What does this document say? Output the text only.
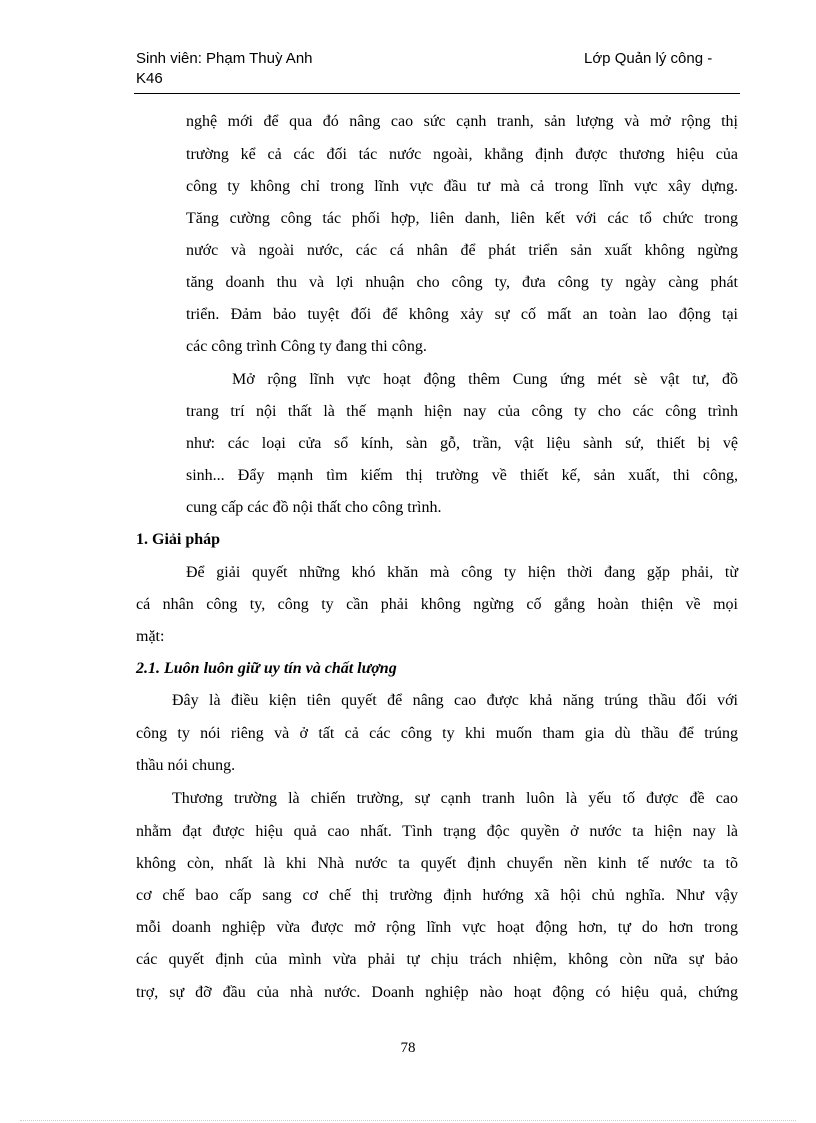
Sinh viên: Phạm Thuỳ Anh
K46
Lớp Quản lý công -
nghệ mới để qua đó nâng cao sức cạnh tranh, sản lượng và mở rộng thị
trường kể cả các đối tác nước ngoài, khẳng định được thương hiệu của
công ty không chỉ trong lĩnh vực đầu tư mà cả trong lĩnh vực xây dựng.
Tăng cường công tác phối hợp, liên danh, liên kết với các tổ chức trong
nước và ngoài nước, các cá nhân để phát triển sản xuất không ngừng
tăng doanh thu và lợi nhuận cho công ty, đưa công ty ngày càng phát
triển. Đảm bảo tuyệt đối để không xảy sự cố mất an toàn lao động tại
các công trình Công ty đang thi công.
Mở rộng lĩnh vực hoạt động thêm Cung ứng mét sè vật tư, đồ
trang trí nội thất là thế mạnh hiện nay của công ty cho các công trình
như: các loại cửa sổ kính, sàn gỗ, trần, vật liệu sành sứ, thiết bị vệ
sinh... Đẩy mạnh tìm kiếm thị trường về thiết kế, sản xuất, thi công,
cung cấp các đồ nội thất cho công trình.
1. Giải pháp
Để giải quyết những khó khăn mà công ty hiện thời đang gặp phải, từ
cá nhân công ty, công ty cần phải không ngừng cố gắng hoàn thiện về mọi
mặt:
2.1. Luôn luôn giữ uy tín và chất lượng
Đây là điều kiện tiên quyết để nâng cao được khả năng trúng thầu đối với
công ty nói riêng và ở tất cả các công ty khi muốn tham gia dù thầu để trúng
thầu nói chung.
Thương trường là chiến trường, sự cạnh tranh luôn là yếu tố được đề cao
nhằm đạt được hiệu quả cao nhất. Tình trạng độc quyền ở nước ta hiện nay là
không còn, nhất là khi Nhà nước ta quyết định chuyển nền kinh tế nước ta tõ
cơ chế bao cấp sang cơ chế thị trường định hướng xã hội chủ nghĩa. Như vậy
mỗi doanh nghiệp vừa được mở rộng lĩnh vực hoạt động hơn, tự do hơn trong
các quyết định của mình vừa phải tự chịu trách nhiệm, không còn nữa sự bảo
trợ, sự đỡ đầu của nhà nước. Doanh nghiệp nào hoạt động có hiệu quả, chứng
78
